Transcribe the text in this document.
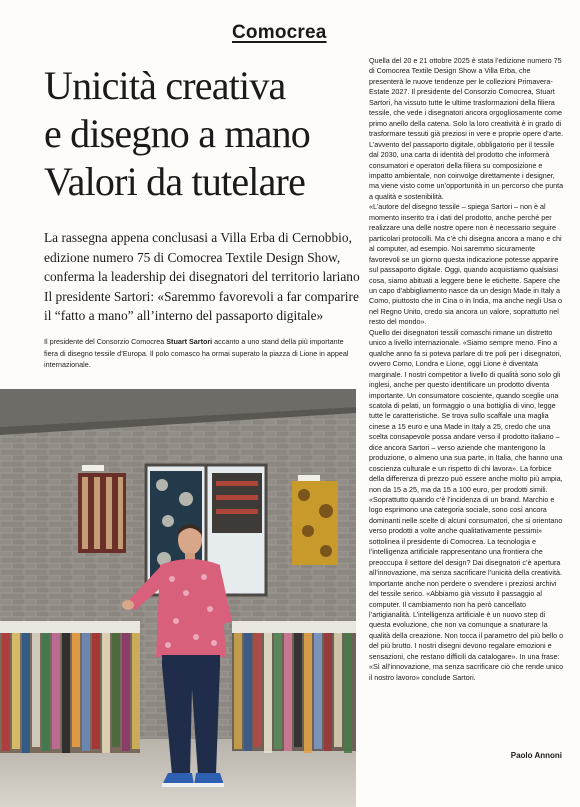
Comocrea
Unicità creativa
e disegno a mano
Valori da tutelare
La rassegna appena conclusasi a Villa Erba di Cernobbio,
edizione numero 75 di Comocrea Textile Design Show,
conferma la leadership dei disegnatori del territorio lariano
Il presidente Sartori: «Saremmo favorevoli a far comparire
il “fatto a mano” all’interno del passaporto digitale»
Il presidente del Consorzio Comocrea Stuart Sartori accanto a uno stand della più importante fiera di disegno tessile d’Europa. Il polo comasco ha ormai superato la piazza di Lione in appeal internazionale.

Quella del 20 e 21 ottobre 2025 è stata l’edizione numero 75 di Comocrea Textile Design Show a Villa Erba, che presenterà le nuove tendenze per le collezioni Primavera-Estate 2027. Il presidente del Consorzio Comocrea, Stuart Sartori, ha vissuto tutte le ultime trasformazioni della filiera tessile, che vede i disegnatori ancora orgogliosamente come primo anello della catena. Solo la loro creatività è in grado di trasformare tessuti già preziosi in vere e proprie opere d’arte.

L’avvento del passaporto digitale, obbligatorio per il tessile dal 2030, una carta di identità del prodotto che informerà consumatori e operatori della filiera su composizione e impatto ambientale, non coinvolge direttamente i designer, ma viene visto come un’opportunità in un percorso che punta a qualità e sostenibilità.

«L’autore del disegno tessile – spiega Sartori – non è al momento inserito tra i dati del prodotto, anche perché per realizzare una delle nostre opere non è necessario seguire particolari protocolli. Ma c’è chi disegna ancora a mano e chi al computer, ad esempio. Noi saremmo sicuramente favorevoli se un giorno questa indicazione potesse apparire sul passaporto digitale. Oggi, quando acquistiamo qualsiasi cosa, siamo abituati a leggere bene le etichette. Sapere che un capo d’abbigliamento nasce da un design Made in Italy a Como, piuttosto che in Cina o in India, ma anche negli Usa o nel Regno Unito, credo sia ancora un valore, soprattutto nel resto del mondo».

Quello dei disegnatori tessili comaschi rimane un distretto unico a livello internazionale. «Siamo sempre meno. Fino a qualche anno fa si poteva parlare di tre poli per i disegnatori, ovvero Como, Londra e Lione, oggi Lione è diventata marginale. I nostri competitor a livello di qualità sono solo gli inglesi, anche per questo identificare un prodotto diventa importante. Un consumatore cosciente, quando sceglie una scatola di pelati, un formaggio o una bottiglia di vino, legge tutte le caratteristiche. Se trova sullo scaffale una maglia cinese a 15 euro e una Made in Italy a 25, credo che una scelta consapevole possa andare verso il prodotto italiano – dice ancora Sartori – verso aziende che mantengono la produzione, o almeno una sua parte, in Italia, che hanno una coscienza culturale e un rispetto di chi lavora». La forbice della differenza di prezzo può essere anche molto più ampia, non da 15 a 25, ma da 15 a 100 euro, per prodotti simili.

«Soprattutto quando c’è l’incidenza di un brand. Marchio e logo esprimono una categoria sociale, sono così ancora dominanti nelle scelte di alcuni consumatori, che si orientano verso prodotti a volte anche qualitativamente pessimi» sottolinea il presidente di Comocrea. La tecnologia e l’intelligenza artificiale rappresentano una frontiera che preoccupa il settore del design? Dai disegnatori c’è apertura all’innovazione, ma senza sacrificare l’unicità della creatività.

Importante anche non perdere o svendere i preziosi archivi del tessile serico. «Abbiamo già vissuto il passaggio al computer. Il cambiamento non ha però cancellato l’artigianalità. L’intelligenza artificiale è un nuovo step di questa evoluzione, che non va comunque a snaturare la qualità della creazione. Non tocca il parametro del più bello o del più brutto. I nostri disegni devono regalare emozioni e sensazioni, che restano difficili da catalogare». In una frase: «Sì all’innovazione, ma senza sacrificare ciò che rende unico il nostro lavoro» conclude Sartori.

Paolo Annoni
